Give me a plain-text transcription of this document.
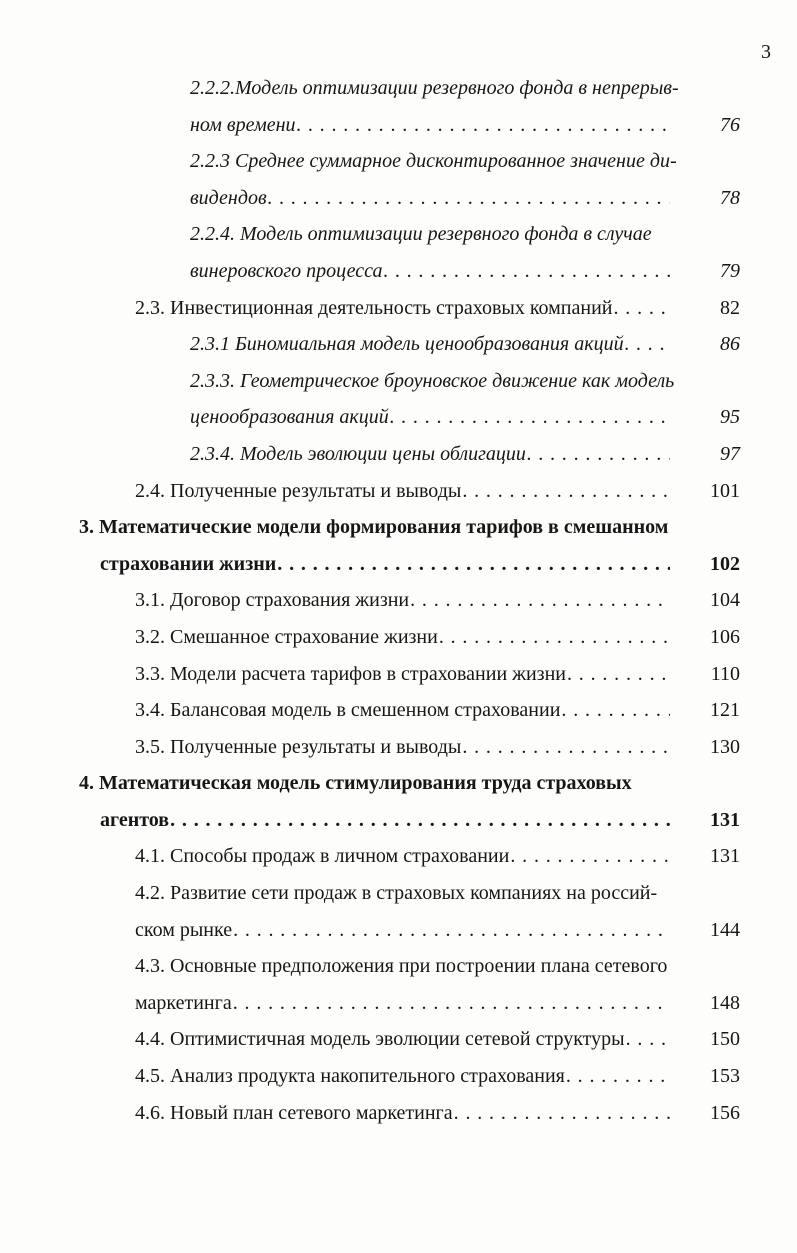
3
2.2.2.Модель оптимизации резервного фонда в непрерыв-
ном времени .....	76
2.2.3 Среднее суммарное дисконтированное значение ди-
видендов .....	78
2.2.4. Модель оптимизации резервного фонда в случае
винеровского процесса .....	79
2.3. Инвестиционная деятельность страховых компаний .....	82
2.3.1 Биномиальная модель ценообразования акций .....	86
2.3.3. Геометрическое броуновское движение как модель
ценообразования акций .....	95
2.3.4. Модель эволюции цены облигации .....	97
2.4. Полученные результаты и выводы .....	101
3. Математические модели формирования тарифов в смешанном
страховании жизни .....	102
3.1. Договор страхования жизни .....	104
3.2. Смешанное страхование жизни .....	106
3.3. Модели расчета тарифов в страховании жизни .....	110
3.4. Балансовая модель в смешенном страховании .....	121
3.5. Полученные результаты и выводы .....	130
4. Математическая модель стимулирования труда страховых
агентов .....	131
4.1. Способы продаж в личном страховании .....	131
4.2. Развитие сети продаж в страховых компаниях на россий-
ском рынке .....	144
4.3. Основные предположения при построении плана сетевого
маркетинга .....	148
4.4. Оптимистичная модель эволюции сетевой структуры .....	150
4.5. Анализ продукта накопительного страхования .....	153
4.6. Новый план сетевого маркетинга .....	156
